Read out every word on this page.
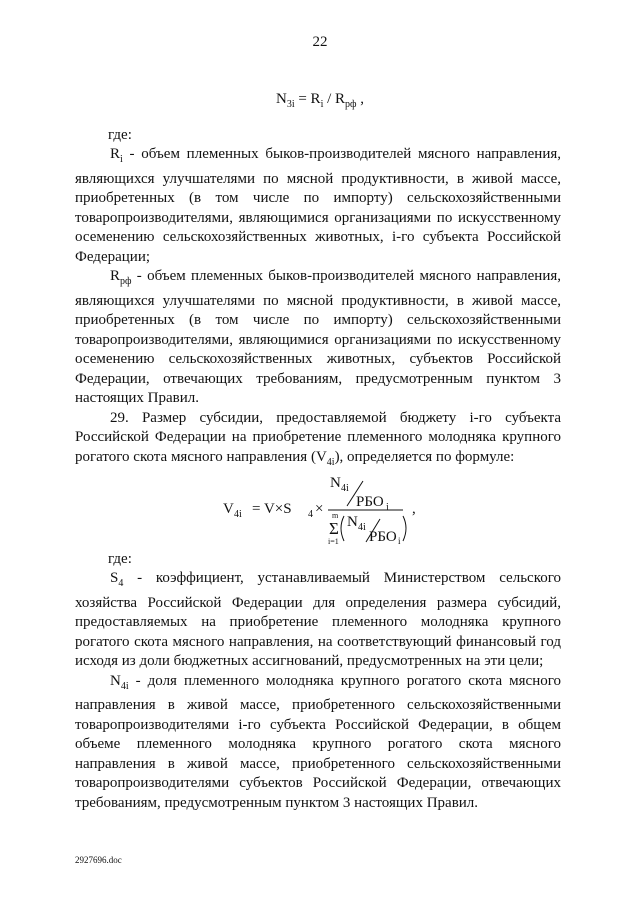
22
$N_{3i} = R_i / R_{рф}$ ,
где:

$R_i$ - объем племенных быков-производителей мясного направления, являющихся улучшателями по мясной продуктивности, в живой массе, приобретенных (в том числе по импорту) сельскохозяйственными товаропроизводителями, являющимися организациями по искусственному осеменению сельскохозяйственных животных, i-го субъекта Российской Федерации;

$R_{рф}$ - объем племенных быков-производителей мясного направления, являющихся улучшателями по мясной продуктивности, в живой массе, приобретенных (в том числе по импорту) сельскохозяйственными товаропроизводителями, являющимися организациями по искусственному осеменению сельскохозяйственных животных, субъектов Российской Федерации, отвечающих требованиям, предусмотренным пунктом 3 настоящих Правил.

29. Размер субсидии, предоставляемой бюджету i-го субъекта Российской Федерации на приобретение племенного молодняка крупного рогатого скота мясного направления $(V_{4i})$, определяется по формуле:

V 4i = V×S 4 ×
N 4i
РБО i
m
Σ
i=1
N 4i
РБО i
,
где:

$S_4$ - коэффициент, устанавливаемый Министерством сельского хозяйства Российской Федерации для определения размера субсидий, предоставляемых на приобретение племенного молодняка крупного рогатого скота мясного направления, на соответствующий финансовый год исходя из доли бюджетных ассигнований, предусмотренных на эти цели;

$N_{4i}$ - доля племенного молодняка крупного рогатого скота мясного направления в живой массе, приобретенного сельскохозяйственными товаропроизводителями i-го субъекта Российской Федерации, в общем объеме племенного молодняка крупного рогатого скота мясного направления в живой массе, приобретенного сельскохозяйственными товаропроизводителями субъектов Российской Федерации, отвечающих требованиям, предусмотренным пунктом 3 настоящих Правил.

2927696.doc
